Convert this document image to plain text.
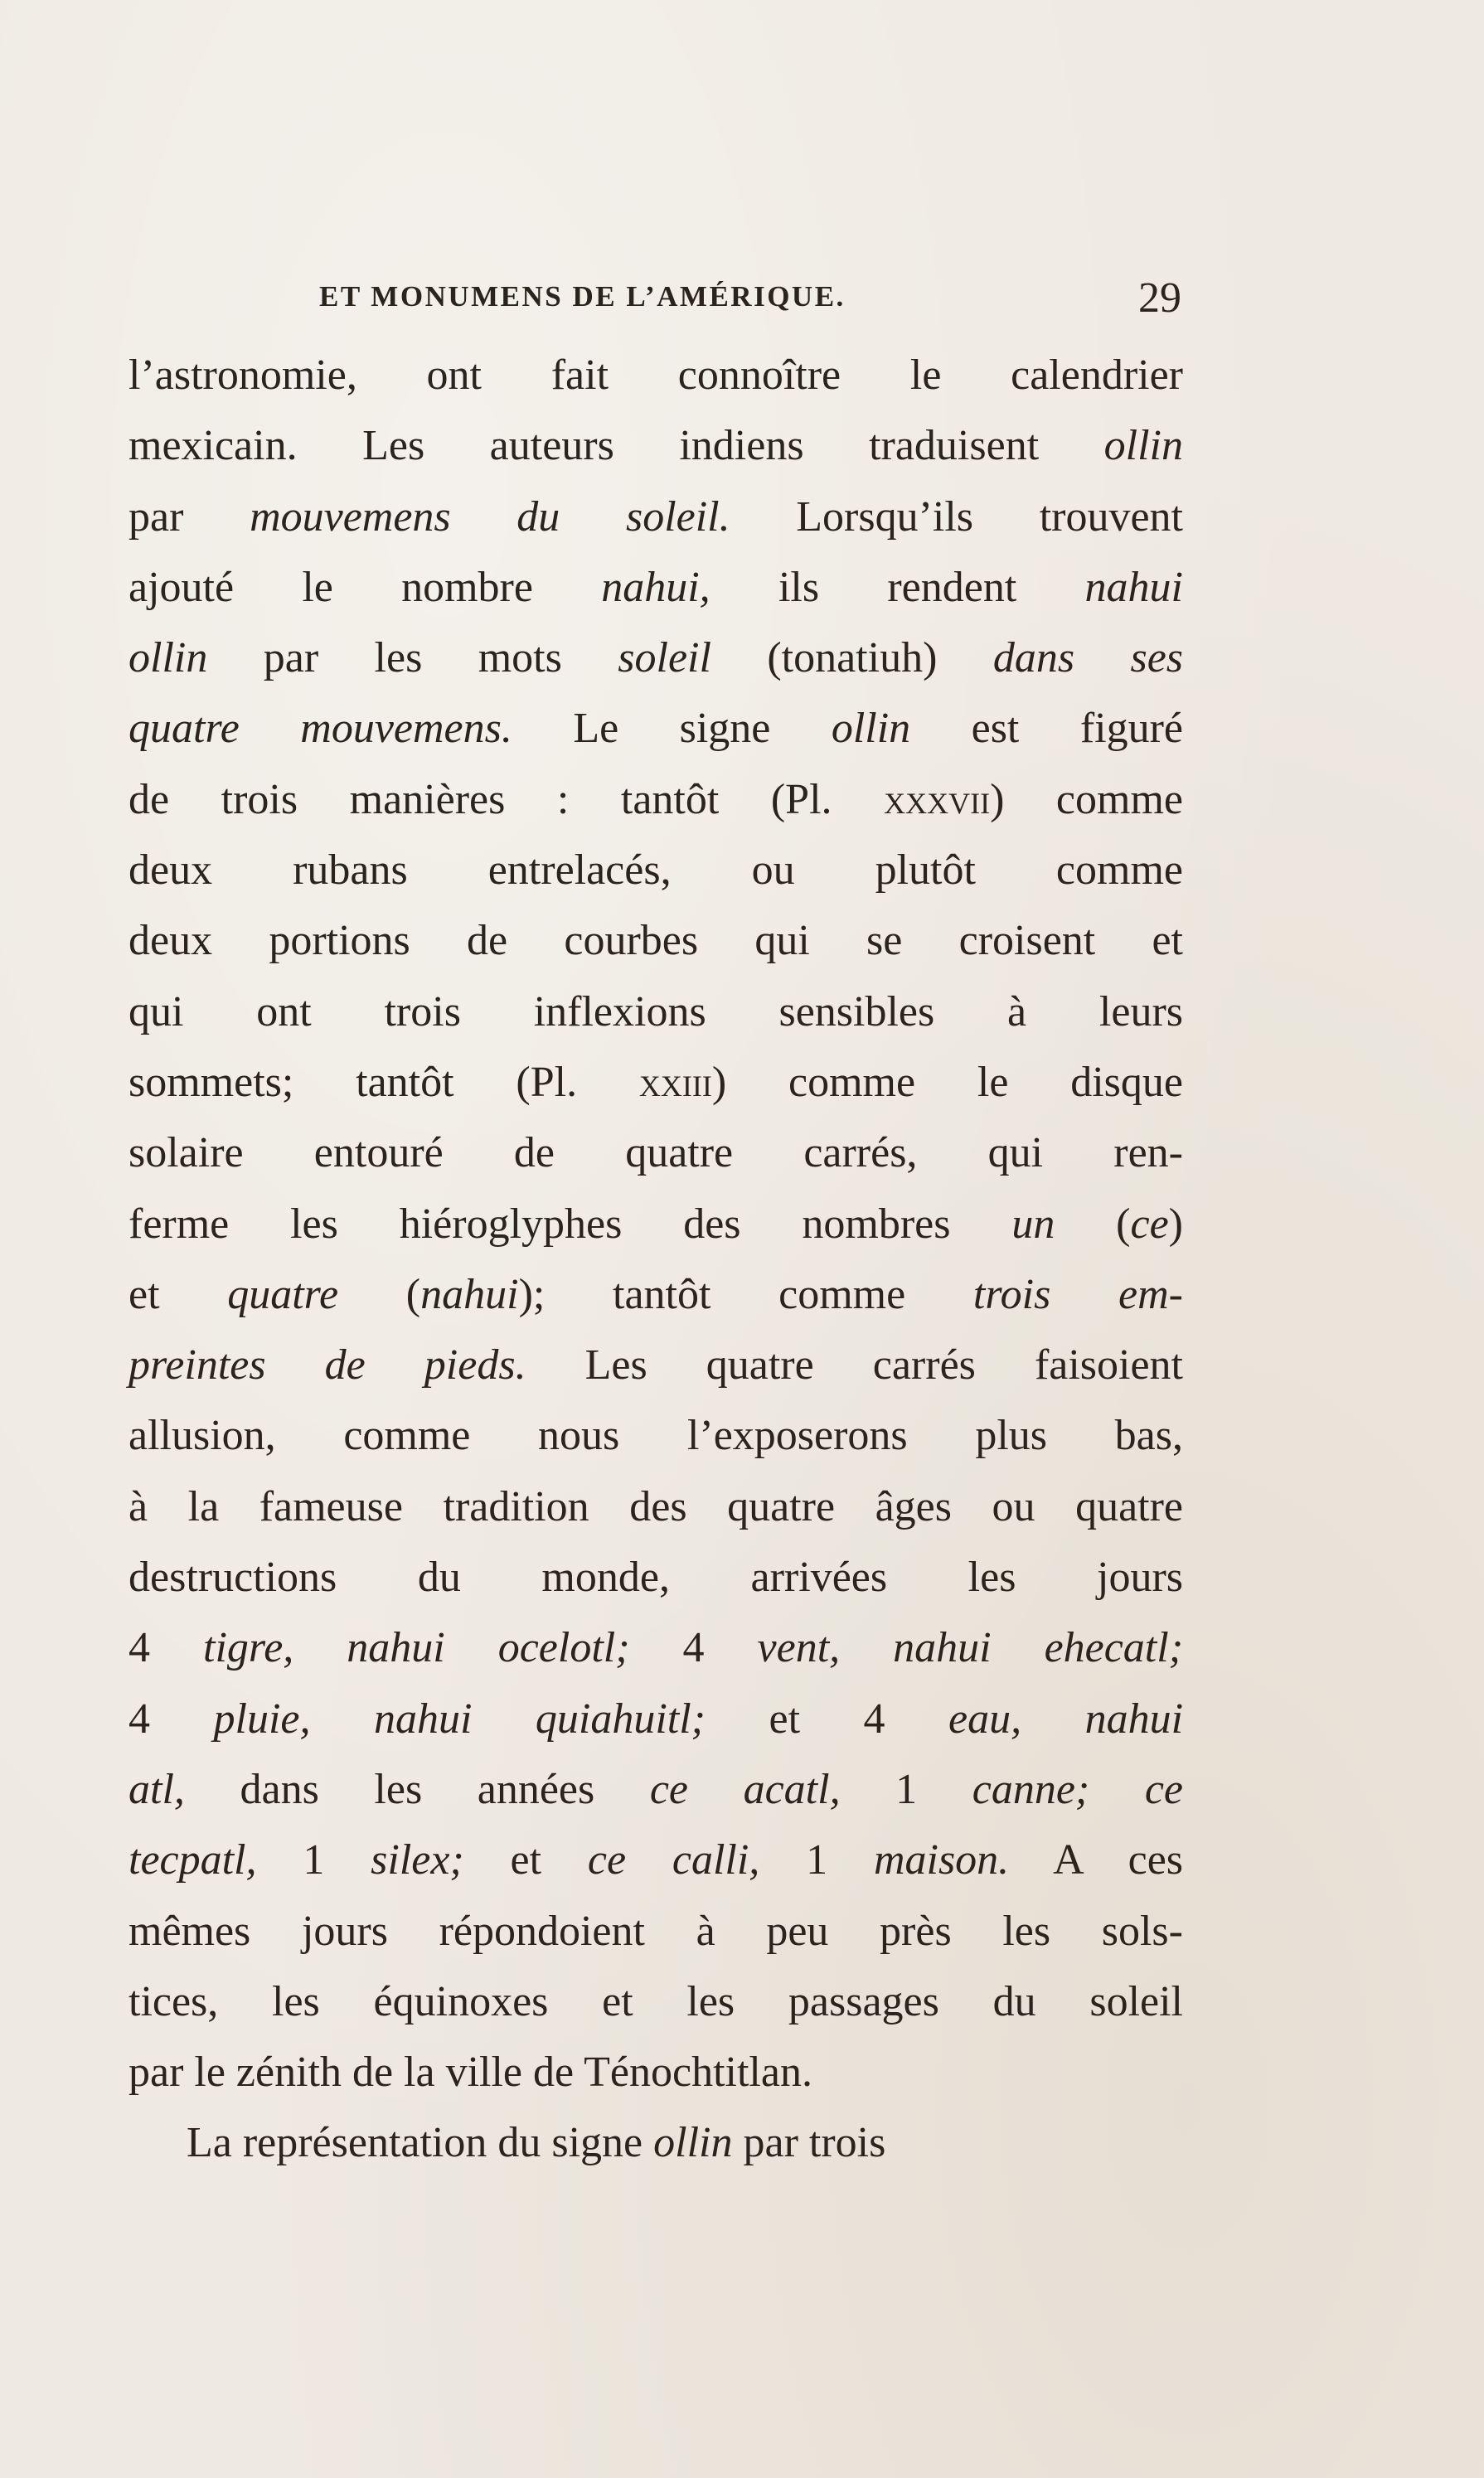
ET MONUMENS DE L’AMÉRIQUE.	29
l’astronomie, ont fait connoître le calendrier
mexicain. Les auteurs indiens traduisent ollin
par mouvemens du soleil. Lorsqu’ils trouvent
ajouté le nombre nahui, ils rendent nahui
ollin par les mots soleil (tonatiuh) dans ses
quatre mouvemens. Le signe ollin est figuré
de trois manières : tantôt (Pl. xxxvii) comme
deux rubans entrelacés, ou plutôt comme
deux portions de courbes qui se croisent et
qui ont trois inflexions sensibles à leurs
sommets; tantôt (Pl. xxiii) comme le disque
solaire entouré de quatre carrés, qui ren-
ferme les hiéroglyphes des nombres un (ce)
et quatre (nahui); tantôt comme trois em-
preintes de pieds. Les quatre carrés faisoient
allusion, comme nous l’exposerons plus bas,
à la fameuse tradition des quatre âges ou quatre
destructions du monde, arrivées les jours
4 tigre, nahui ocelotl; 4 vent, nahui ehecatl;
4 pluie, nahui quiahuitl; et 4 eau, nahui
atl, dans les années ce acatl, 1 canne; ce
tecpatl, 1 silex; et ce calli, 1 maison. A ces
mêmes jours répondoient à peu près les sols-
tices, les équinoxes et les passages du soleil
par le zénith de la ville de Ténochtitlan.
La représentation du signe ollin par trois
